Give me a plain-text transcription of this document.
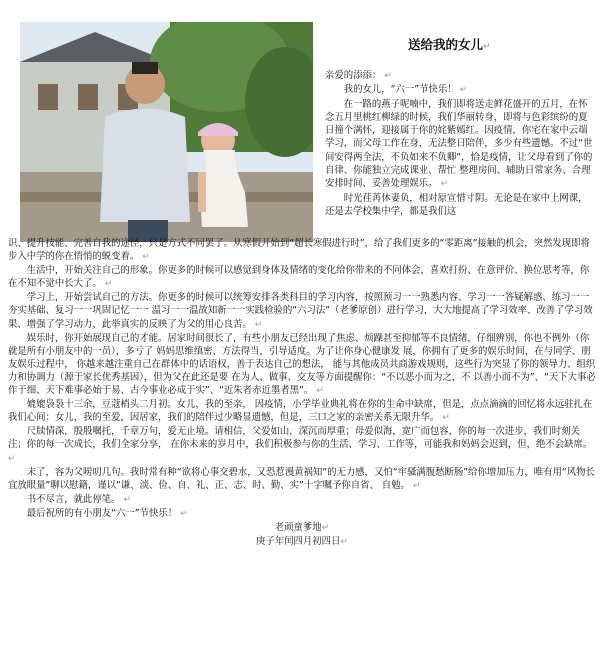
送给我的女儿↵

亲爱的添添： ↵

我的女儿，“六一”节快乐！ ↵

在一路的燕子呢喃中，我们即将送走鲜花盛开的五月，在怀念五月里桃红柳绿的时候，我们华丽转身，即将与色彩缤纷的夏日撞个满怀，迎接属于你的姹紫嫣红。因疫情，你宅在家中云端学习，而父母工作在身，无法整日陪伴，多少有些遗憾。不过“世间安得两全法，不负如来不负卿”，恰是疫情，让父母看到了你的自律、你能独立完成课业、帮忙 整理房间、辅助日常家务、合理安排时间、妥善处理娱乐。 ↵

时光荏苒休妻负，相对原宣惜寸阴。无论是在家中上网课，还是去学校集中学，都是我们这

识、提升技能、完善自我的途径，只是方式不同罢了。从寒假开始到“超长寒假进行时”，给了我们更多的“零距离”接触的机会，突然发现即将步入中学的你在悄悄的蜕变着。 ↵

生活中，开始关注自己的形象。你更多的时候可以感觉到身体及情绪的变化给你带来的不同体会，喜欢打扮、在意评价、换位思考等，你在不知不觉中长大了。 ↵

学习上，开始尝试自己的方法。你更多的时候可以统筹安排各类科目的学习内容，按照预习一一熟悉内容、学习一一答疑解惑、练习一一夯实基础、复习一一巩固记忆一一 温习一一温故知新一一实践检验的“六习法”（老爹原创）进行学习，大大地提高了学习效率、改善了学习效果、增强了学习动力，此举真实的反映了为父的用心良苦。 ↵

娱乐时，你开始展现自己的才能。居家时间很长了，有些小朋友已经出现了焦虑、烦躁甚至抑郁等不良情绪，仔细辨别，你也不例外（你就是所有小朋友中的一员），多亏了 妈妈思维缜密、方法得当，引导适度。为了让你身心健康发 展，你拥有了更多的娱乐时间，在与同学、朋友娱乐过程中， 你越来越注重自己在群体中的话语权，善于表达自己的想法， 能与其他成员共商游戏规则，这些行为突显了你的领导力、组织力和协调力（源于家长优秀基因），但为父在此还是要 在为人、做事、交友等方面提醒你：“不以恶小而为之，不 以善小而不为”、“天下大事必作于细、天下难事必始于易、古今事业必成于实”、“近朱者赤近墨者黑”。 ↵

媲媲袅袅十三余，豆蔻梢头二月初。女儿，我的至亲， 因疫情，小学毕业典礼将在你的生命中缺席，但是，点点滴滴的回忆将永远驻扎在我们心间：女儿，我的至爱，因居家，我们的陪伴过少略显遗憾，但是，三口之家的亲密关系无限升华。 ↵

尺牍情深，殷殷嘱托，千章万句，爱无止境。请相信，父爱如山，深沉而厚重；母爱似海，宽广而包容，你的每一次进步，我们时刻关注；你的每一次成长，我们全家分享， 在你未来的岁月中，我们积极参与你的生活、学习、工作等，可能我和妈妈会迟到，但，绝不会缺席。 ↵

末了，容为父唠叨几句。我时常有种“欲将心事交碧水，又恐惹漫黄祸知”的无力感，又怕“牢骚满腹愁断肠”给你增加压力，唯有用“风物长宜放眼量”聊以慰籍，谨以“谦、淡、俭、自、礼、正、志、时、勤、实”十字嘱予你自省、 自勉。 ↵

书不尽言，就此停笔。 ↵

最后祝所的有小朋友“六一”节快乐！ ↵

老顽童爹地↵

庚子年闰四月初四日↵
